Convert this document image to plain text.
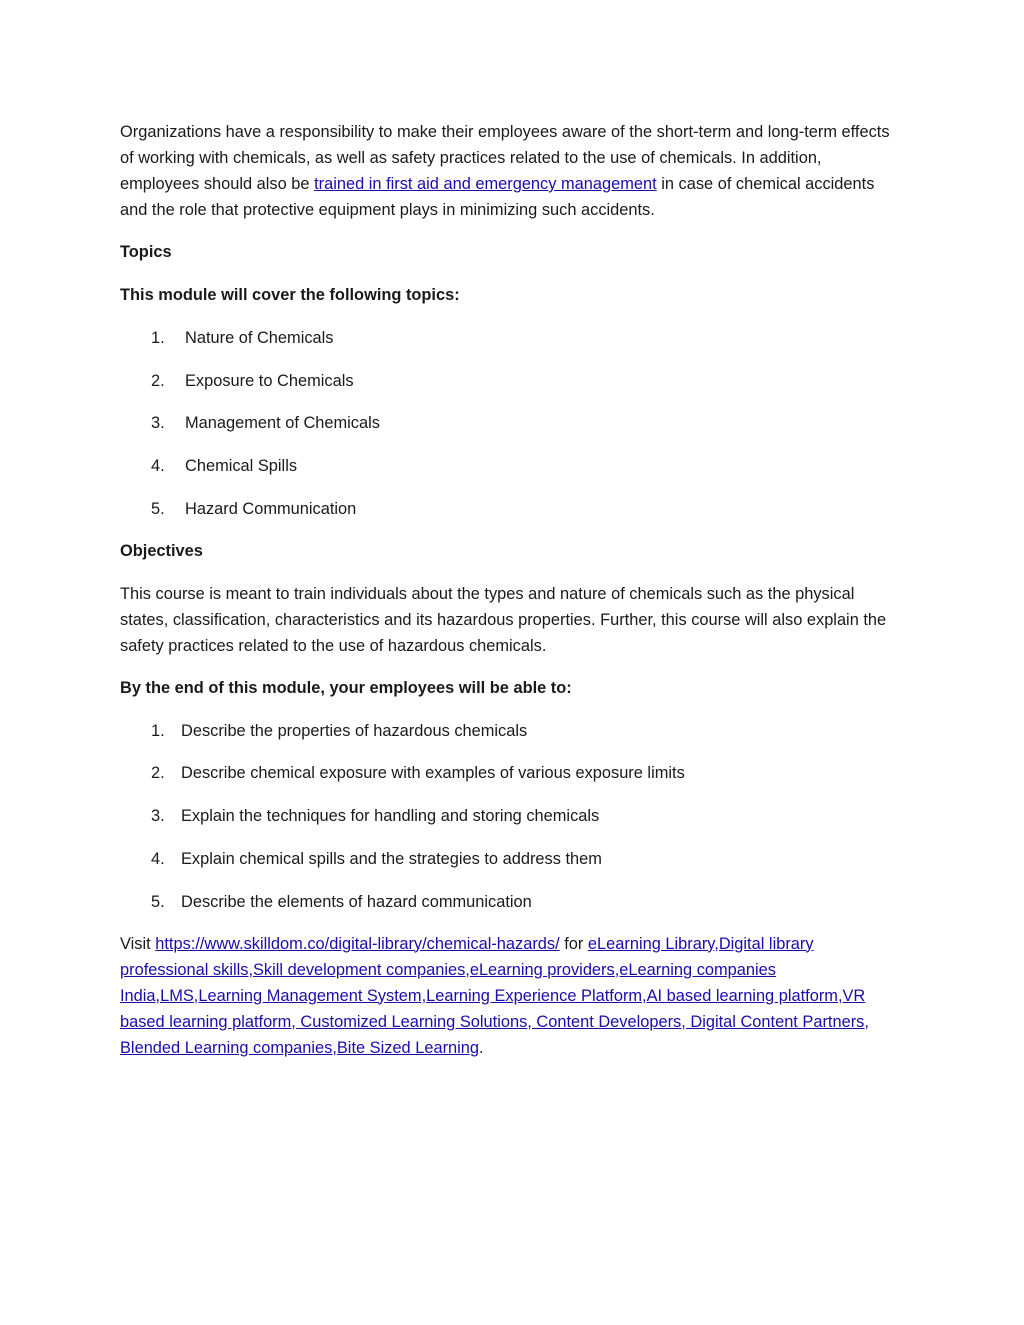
Organizations have a responsibility to make their employees aware of the short-term and long-term effects of working with chemicals, as well as safety practices related to the use of chemicals. In addition, employees should also be trained in first aid and emergency management in case of chemical accidents and the role that protective equipment plays in minimizing such accidents.

Topics

This module will cover the following topics:

1. Nature of Chemicals
2. Exposure to Chemicals
3. Management of Chemicals
4. Chemical Spills
5. Hazard Communication

Objectives

This course is meant to train individuals about the types and nature of chemicals such as the physical states, classification, characteristics and its hazardous properties. Further, this course will also explain the safety practices related to the use of hazardous chemicals.

By the end of this module, your employees will be able to:

1. Describe the properties of hazardous chemicals
2. Describe chemical exposure with examples of various exposure limits
3. Explain the techniques for handling and storing chemicals
4. Explain chemical spills and the strategies to address them
5. Describe the elements of hazard communication

Visit https://www.skilldom.co/digital-library/chemical-hazards/ for eLearning Library,Digital library professional skills,Skill development companies,eLearning providers,eLearning companies India,LMS,Learning Management System,Learning Experience Platform,AI based learning platform,VR based learning platform, Customized Learning Solutions, Content Developers, Digital Content Partners, Blended Learning companies,Bite Sized Learning.
